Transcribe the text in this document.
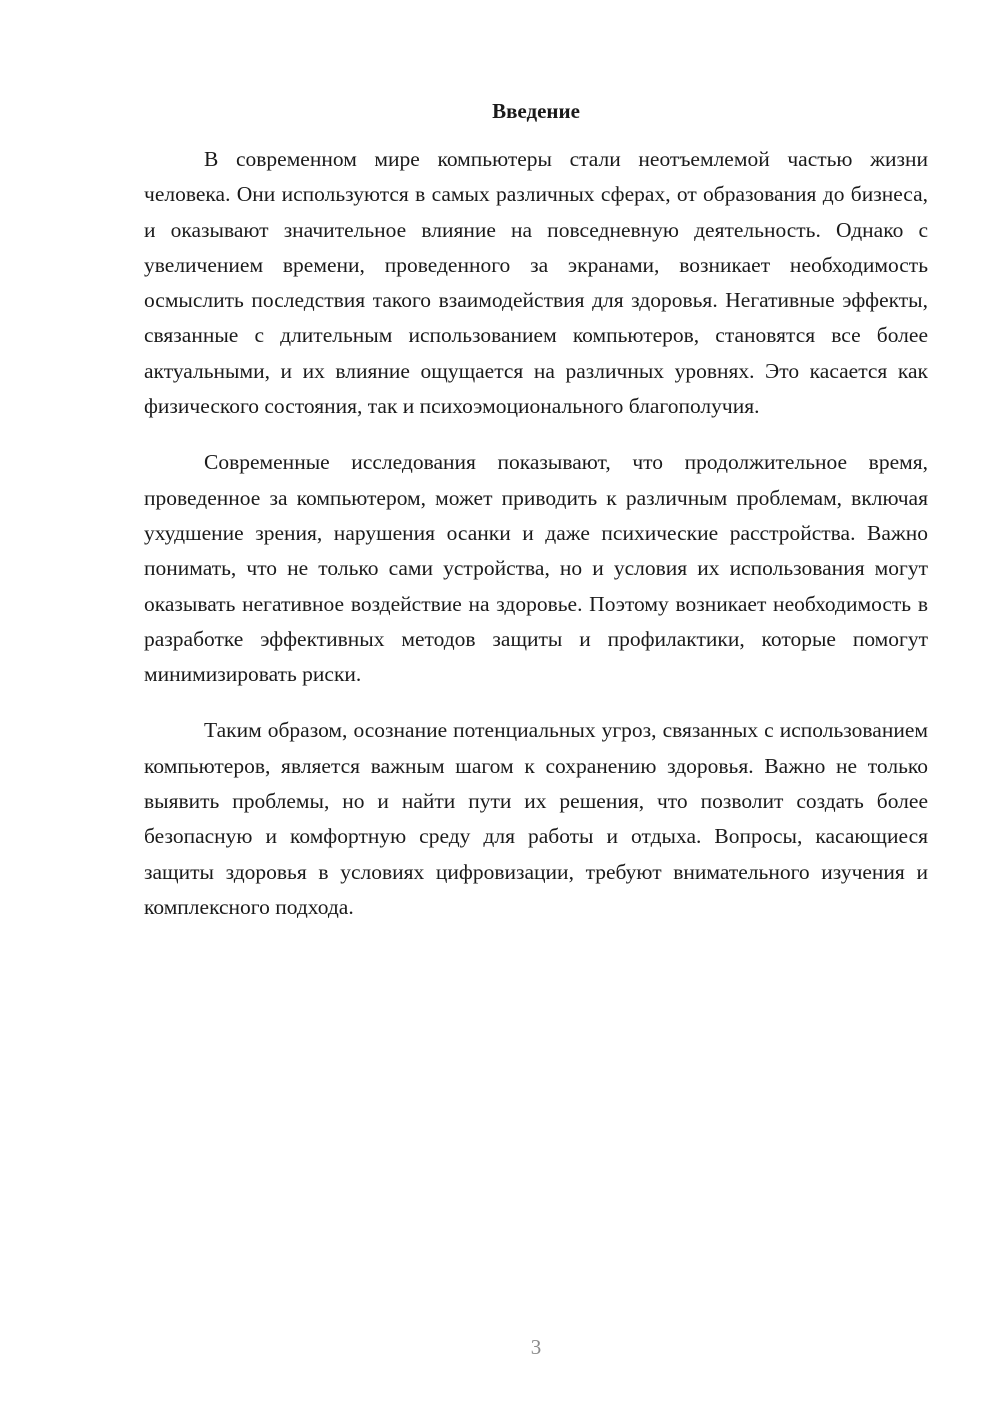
Введение

В современном мире компьютеры стали неотъемлемой частью жизни человека. Они используются в самых различных сферах, от образования до бизнеса, и оказывают значительное влияние на повседневную деятельность. Однако с увеличением времени, проведенного за экранами, возникает необходимость осмыслить последствия такого взаимодействия для здоровья. Негативные эффекты, связанные с длительным использованием компьютеров, становятся все более актуальными, и их влияние ощущается на различных уровнях. Это касается как физического состояния, так и психоэмоционального благополучия.

Современные исследования показывают, что продолжительное время, проведенное за компьютером, может приводить к различным проблемам, включая ухудшение зрения, нарушения осанки и даже психические расстройства. Важно понимать, что не только сами устройства, но и условия их использования могут оказывать негативное воздействие на здоровье. Поэтому возникает необходимость в разработке эффективных методов защиты и профилактики, которые помогут минимизировать риски.

Таким образом, осознание потенциальных угроз, связанных с использованием компьютеров, является важным шагом к сохранению здоровья. Важно не только выявить проблемы, но и найти пути их решения, что позволит создать более безопасную и комфортную среду для работы и отдыха. Вопросы, касающиеся защиты здоровья в условиях цифровизации, требуют внимательного изучения и комплексного подхода.

3
